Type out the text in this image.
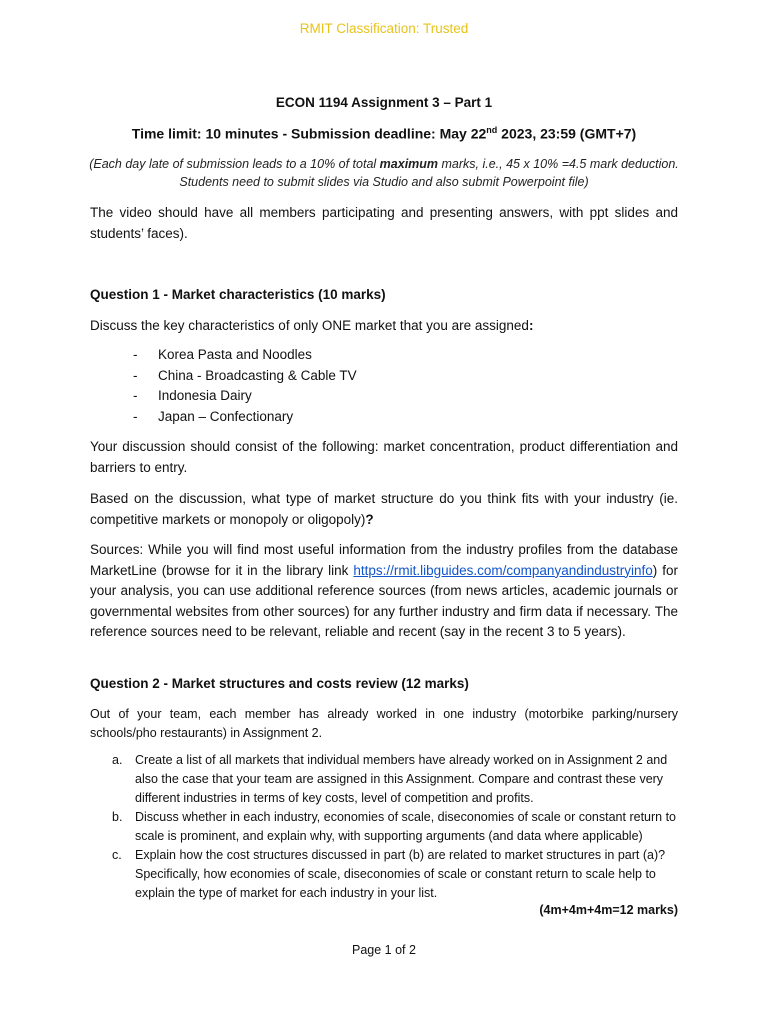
RMIT Classification: Trusted
ECON 1194 Assignment 3 – Part 1
Time limit: 10 minutes - Submission deadline: May 22nd 2023, 23:59 (GMT+7)
(Each day late of submission leads to a 10% of total maximum marks, i.e., 45 x 10% =4.5 mark deduction.
Students need to submit slides via Studio and also submit Powerpoint file)
The video should have all members participating and presenting answers, with ppt slides and students’ faces).
Question 1 - Market characteristics (10 marks)
Discuss the key characteristics of only ONE market that you are assigned:
- Korea Pasta and Noodles
- China - Broadcasting & Cable TV
- Indonesia Dairy
- Japan – Confectionary
Your discussion should consist of the following: market concentration, product differentiation and barriers to entry.
Based on the discussion, what type of market structure do you think fits with your industry (ie. competitive markets or monopoly or oligopoly)?
Sources: While you will find most useful information from the industry profiles from the database MarketLine (browse for it in the library link https://rmit.libguides.com/companyandindustryinfo) for your analysis, you can use additional reference sources (from news articles, academic journals or governmental websites from other sources) for any further industry and firm data if necessary. The reference sources need to be relevant, reliable and recent (say in the recent 3 to 5 years).
Question 2 - Market structures and costs review (12 marks)
Out of your team, each member has already worked in one industry (motorbike parking/nursery schools/pho restaurants) in Assignment 2.
a.	Create a list of all markets that individual members have already worked on in Assignment 2 and also the case that your team are assigned in this Assignment. Compare and contrast these very different industries in terms of key costs, level of competition and profits.
b.	Discuss whether in each industry, economies of scale, diseconomies of scale or constant return to scale is prominent, and explain why, with supporting arguments (and data where applicable)
c.	Explain how the cost structures discussed in part (b) are related to market structures in part (a)? Specifically, how economies of scale, diseconomies of scale or constant return to scale help to explain the type of market for each industry in your list.
(4m+4m+4m=12 marks)
Page 1 of 2
